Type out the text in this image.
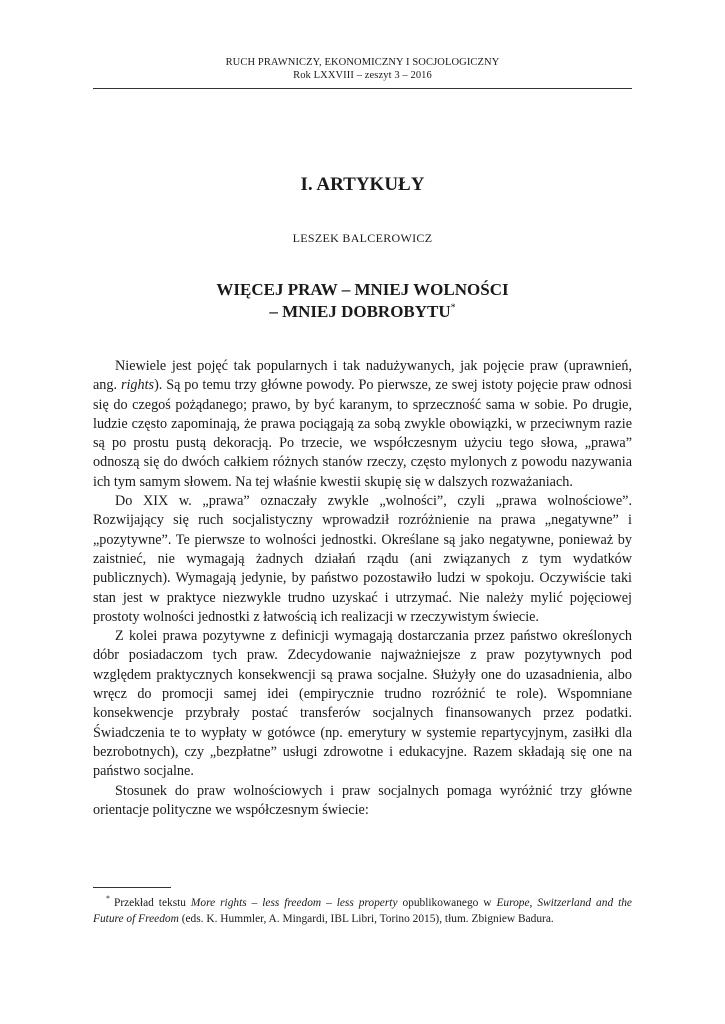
RUCH PRAWNICZY, EKONOMICZNY I SOCJOLOGICZNY
Rok LXXVIII – zeszyt 3 – 2016
I. ARTYKUŁY
LESZEK BALCEROWICZ
WIĘCEJ PRAW – MNIEJ WOLNOŚCI
– MNIEJ DOBROBYTU*

Niewiele jest pojęć tak popularnych i tak nadużywanych, jak pojęcie praw (uprawnień, ang. rights). Są po temu trzy główne powody. Po pierwsze, ze swej istoty pojęcie praw odnosi się do czegoś pożądanego; prawo, by być karanym, to sprzeczność sama w sobie. Po drugie, ludzie często zapominają, że prawa pociągają za sobą zwykle obowiązki, w przeciwnym razie są po prostu pustą dekoracją. Po trzecie, we współczesnym użyciu tego słowa, „prawa” odnoszą się do dwóch całkiem różnych stanów rzeczy, często mylonych z powodu nazywania ich tym samym słowem. Na tej właśnie kwestii skupię się w dalszych rozważaniach.

Do XIX w. „prawa” oznaczały zwykle „wolności”, czyli „prawa wolnościowe”. Rozwijający się ruch socjalistyczny wprowadził rozróżnienie na prawa „negatywne” i „pozytywne”. Te pierwsze to wolności jednostki. Określane są jako negatywne, ponieważ by zaistnieć, nie wymagają żadnych działań rządu (ani związanych z tym wydatków publicznych). Wymagają jedynie, by państwo pozostawiło ludzi w spokoju. Oczywiście taki stan jest w praktyce niezwykle trudno uzyskać i utrzymać. Nie należy mylić pojęciowej prostoty wolności jednostki z łatwością ich realizacji w rzeczywistym świecie.

Z kolei prawa pozytywne z definicji wymagają dostarczania przez państwo określonych dóbr posiadaczom tych praw. Zdecydowanie najważniejsze z praw pozytywnych pod względem praktycznych konsekwencji są prawa socjalne. Służyły one do uzasadnienia, albo wręcz do promocji samej idei (empirycznie trudno rozróżnić te role). Wspomniane konsekwencje przybrały postać transferów socjalnych finansowanych przez podatki. Świadczenia te to wypłaty w gotówce (np. emerytury w systemie repartycyjnym, zasiłki dla bezrobotnych), czy „bezpłatne” usługi zdrowotne i edukacyjne. Razem składają się one na państwo socjalne.

Stosunek do praw wolnościowych i praw socjalnych pomaga wyróżnić trzy główne orientacje polityczne we współczesnym świecie:

* Przekład tekstu More rights – less freedom – less property opublikowanego w Europe, Switzerland and the Future of Freedom (eds. K. Hummler, A. Mingardi, IBL Libri, Torino 2015), tłum. Zbigniew Badura.
